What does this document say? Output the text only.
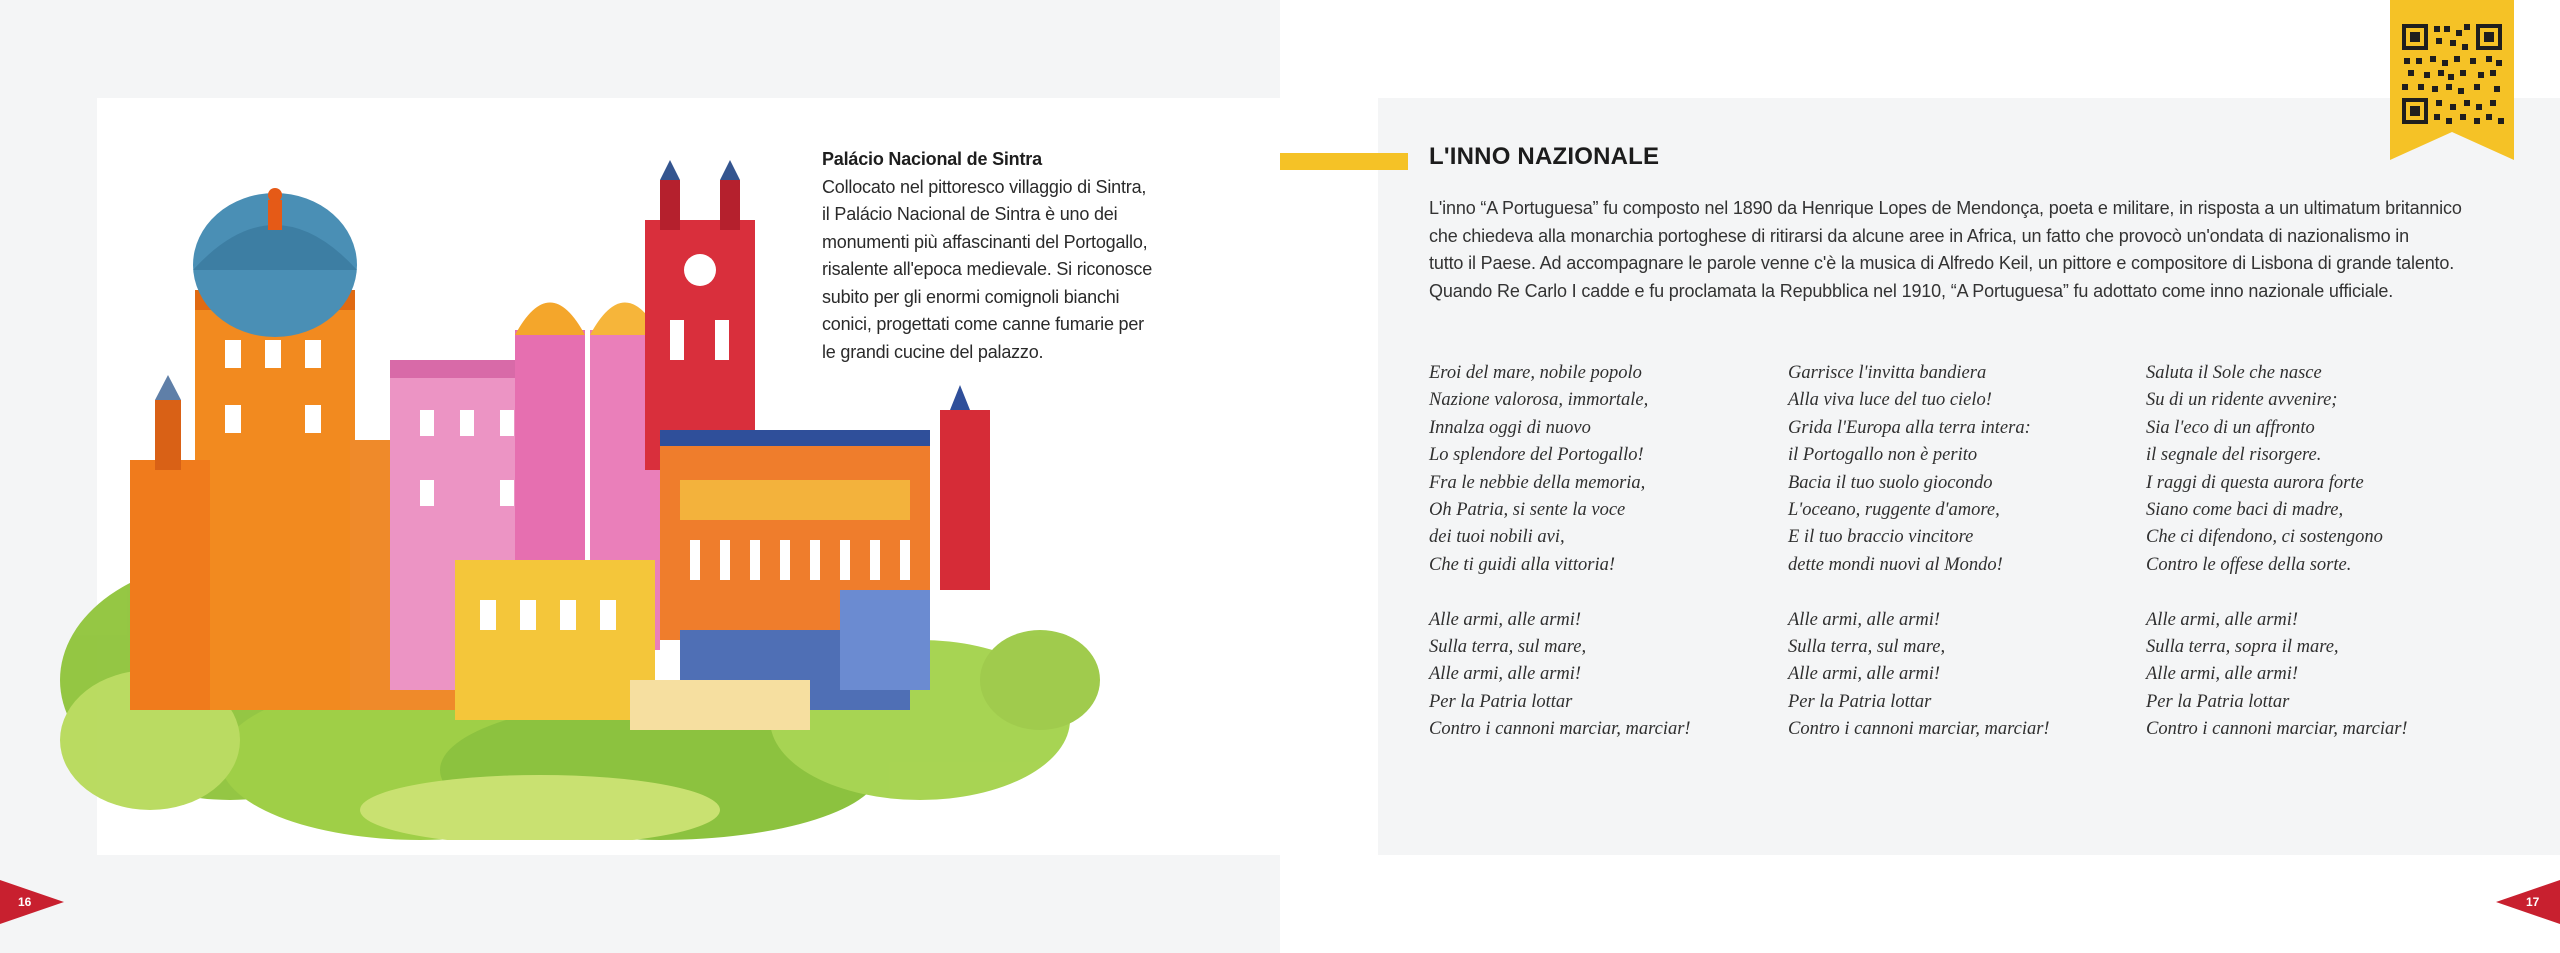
Palácio Nacional de Sintra
Collocato nel pittoresco villaggio di Sintra,
il Palácio Nacional de Sintra è uno dei
monumenti più affascinanti del Portogallo,
risalente all'epoca medievale. Si riconosce
subito per gli enormi comignoli bianchi
conici, progettati come canne fumarie per
le grandi cucine del palazzo.
L'INNO NAZIONALE
L'inno “A Portuguesa” fu composto nel 1890 da Henrique Lopes de Mendonça, poeta e militare, in risposta a un ultimatum britannico
che chiedeva alla monarchia portoghese di ritirarsi da alcune aree in Africa, un fatto che provocò un'ondata di nazionalismo in
tutto il Paese. Ad accompagnare le parole venne c'è la musica di Alfredo Keil, un pittore e compositore di Lisbona di grande talento.
Quando Re Carlo I cadde e fu proclamata la Repubblica nel 1910, “A Portuguesa” fu adottato come inno nazionale ufficiale.
Eroi del mare, nobile popolo
Nazione valorosa, immortale,
Innalza oggi di nuovo
Lo splendore del Portogallo!
Fra le nebbie della memoria,
Oh Patria, si sente la voce
dei tuoi nobili avi,
Che ti guidi alla vittoria!
Alle armi, alle armi!
Sulla terra, sul mare,
Alle armi, alle armi!
Per la Patria lottar
Contro i cannoni marciar, marciar!
Garrisce l'invitta bandiera
Alla viva luce del tuo cielo!
Grida l'Europa alla terra intera:
il Portogallo non è perito
Bacia il tuo suolo giocondo
L'oceano, ruggente d'amore,
E il tuo braccio vincitore
dette mondi nuovi al Mondo!
Alle armi, alle armi!
Sulla terra, sul mare,
Alle armi, alle armi!
Per la Patria lottar
Contro i cannoni marciar, marciar!
Saluta il Sole che nasce
Su di un ridente avvenire;
Sia l'eco di un affronto
il segnale del risorgere.
I raggi di questa aurora forte
Siano come baci di madre,
Che ci difendono, ci sostengono
Contro le offese della sorte.
Alle armi, alle armi!
Sulla terra, sopra il mare,
Alle armi, alle armi!
Per la Patria lottar
Contro i cannoni marciar, marciar!
16	17
